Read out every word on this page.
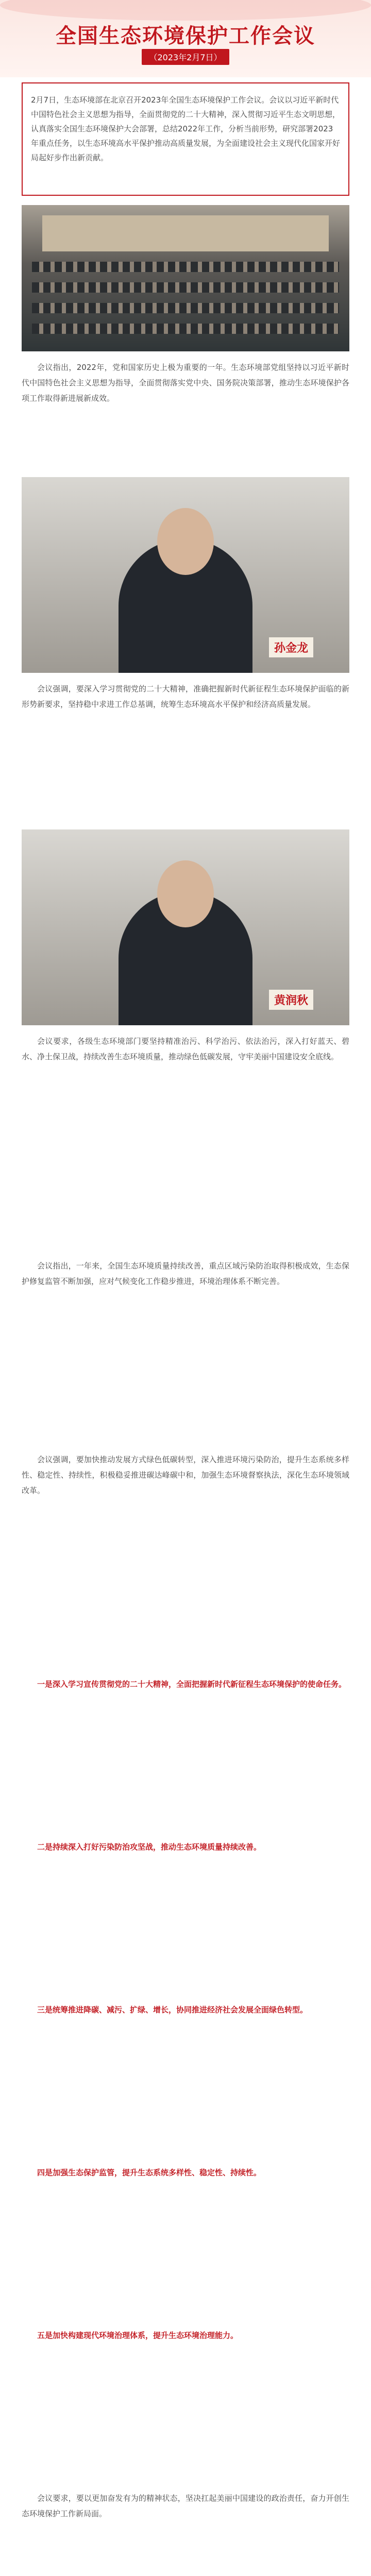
全国生态环境保护工作会议
（2023年2月7日）
2月7日，生态环境部在北京召开2023年全国生态环境保护工作会议。会议以习近平新时代中国特色社会主义思想为指导，全面贯彻党的二十大精神，深入贯彻习近平生态文明思想，认真落实全国生态环境保护大会部署，总结2022年工作，分析当前形势，研究部署2023年重点任务，以生态环境高水平保护推动高质量发展，为全面建设社会主义现代化国家开好局起好步作出新贡献。
会议指出，2022年，党和国家历史上极为重要的一年。生态环境部党组坚持以习近平新时代中国特色社会主义思想为指导，全面贯彻落实党中央、国务院决策部署，推动生态环境保护各项工作取得新进展新成效。
孙金龙
会议强调，要深入学习贯彻党的二十大精神，准确把握新时代新征程生态环境保护面临的新形势新要求，坚持稳中求进工作总基调，统筹生态环境高水平保护和经济高质量发展。
黄润秋
会议要求，各级生态环境部门要坚持精准治污、科学治污、依法治污，深入打好蓝天、碧水、净土保卫战，持续改善生态环境质量，推动绿色低碳发展，守牢美丽中国建设安全底线。
会议指出，一年来，全国生态环境质量持续改善，重点区域污染防治取得积极成效，生态保护修复监管不断加强，应对气候变化工作稳步推进，环境治理体系不断完善。
会议强调，要加快推动发展方式绿色低碳转型，深入推进环境污染防治，提升生态系统多样性、稳定性、持续性，积极稳妥推进碳达峰碳中和，加强生态环境督察执法，深化生态环境领域改革。
一是深入学习宣传贯彻党的二十大精神，全面把握新时代新征程生态环境保护的使命任务。
二是持续深入打好污染防治攻坚战，推动生态环境质量持续改善。
三是统筹推进降碳、减污、扩绿、增长，协同推进经济社会发展全面绿色转型。
四是加强生态保护监管，提升生态系统多样性、稳定性、持续性。
五是加快构建现代环境治理体系，提升生态环境治理能力。
会议要求，要以更加奋发有为的精神状态，坚决扛起美丽中国建设的政治责任，奋力开创生态环境保护工作新局面。
